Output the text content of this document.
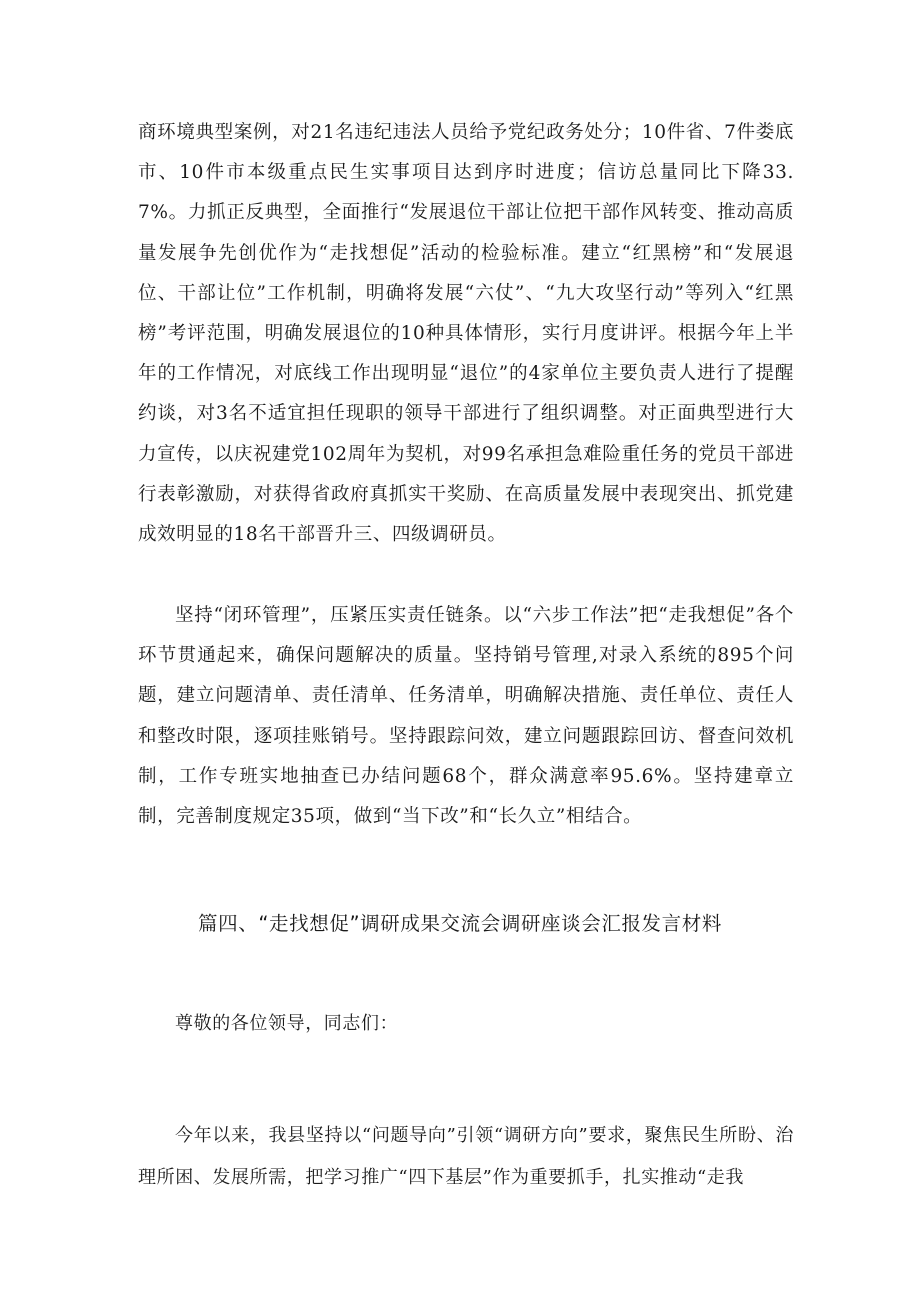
商环境典型案例，对21名违纪违法人员给予党纪政务处分；10件省、7件娄底市、10件市本级重点民生实事项目达到序时进度；信访总量同比下降33.7%。力抓正反典型，全面推行“发展退位干部让位把干部作风转变、推动高质量发展争先创优作为“走找想促”活动的检验标准。建立“红黑榜”和“发展退位、干部让位”工作机制，明确将发展“六仗”、“九大攻坚行动”等列入“红黑榜”考评范围，明确发展退位的10种具体情形，实行月度讲评。根据今年上半年的工作情况，对底线工作出现明显“退位”的4家单位主要负责人进行了提醒约谈，对3名不适宜担任现职的领导干部进行了组织调整。对正面典型进行大力宣传，以庆祝建党102周年为契机，对99名承担急难险重任务的党员干部进行表彰激励，对获得省政府真抓实干奖励、在高质量发展中表现突出、抓党建成效明显的18名干部晋升三、四级调研员。

坚持“闭环管理”，压紧压实责任链条。以“六步工作法”把“走我想促”各个环节贯通起来，确保问题解决的质量。坚持销号管理,对录入系统的895个问题，建立问题清单、责任清单、任务清单，明确解决措施、责任单位、责任人和整改时限，逐项挂账销号。坚持跟踪问效，建立问题跟踪回访、督查问效机制，工作专班实地抽查已办结问题68个，群众满意率95.6%。坚持建章立制，完善制度规定35项，做到“当下改”和“长久立”相结合。

篇四、“走找想促”调研成果交流会调研座谈会汇报发言材料

尊敬的各位领导，同志们：

今年以来，我县坚持以“问题导向”引领“调研方向”要求，聚焦民生所盼、治理所困、发展所需，把学习推广“四下基层”作为重要抓手，扎实推动“走我
